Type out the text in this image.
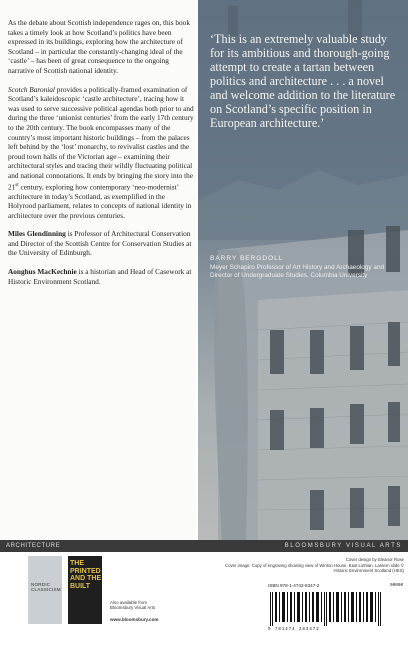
As the debate about Scottish independence rages on, this book takes a timely look at how Scotland’s politics have been expressed in its buildings, exploring how the architecture of Scotland – in particular the constantly-changing ideal of the ‘castle’ – has been of great consequence to the ongoing narrative of Scottish national identity.

Scotch Baronial provides a politically-framed examination of Scotland’s kaleidoscopic ‘castle architecture’, tracing how it was used to serve successive political agendas both prior to and during the three ‘unionist centuries’ from the early 17th century to the 20th century. The book encompasses many of the country’s most important historic buildings – from the palaces left behind by the ‘lost’ monarchy, to revivalist castles and the proud town halls of the Victorian age – examining their architectural styles and tracing their wildly fluctuating political and national connotations. It ends by bringing the story into the 21st century, exploring how contemporary ‘neo-modernist’ architecture in today’s Scotland, as exemplified in the Holyrood parliament, relates to concepts of national identity in architecture over the previous centuries.

Miles Glendinning is Professor of Architectural Conservation and Director of the Scottish Centre for Conservation Studies at the University of Edinburgh.

Aonghus MacKechnie is a historian and Head of Casework at Historic Environment Scotland.

‘This is an extremely valuable study for its ambitious and thorough-going attempt to create a tartan between politics and architecture . . . a novel and welcome addition to the literature on Scotland’s specific position in European architecture.’
BARRY BERGDOLL
Meyer Schapiro Professor of Art History and Archaeology and Director of Undergraduate Studies, Columbia University
ARCHITECTURE	BLOOMSBURY VISUAL ARTS
NORDIC CLASSICISM
THE PRINTED AND THE BUILT
Also available from Bloomsbury Visual Arts
www.bloomsbury.com
Cover design by Eleanor Rose
Cover image: Copy of engraving showing view of Winton House, East Lothian. Lantern slide © Historic Environment Scotland (HES)
ISBN 978-1-4742-8347-2
9 781474 283472
90000
